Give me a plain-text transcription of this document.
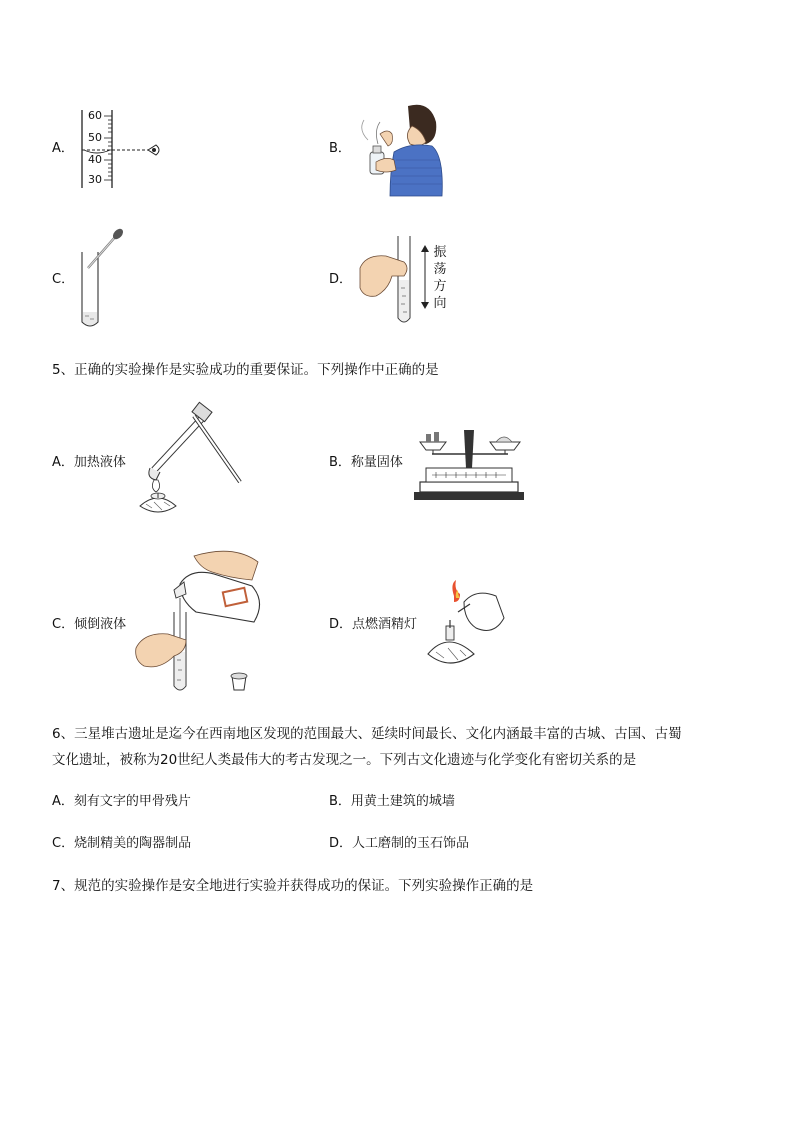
A．	B．
C．	D．
60
50
40
30
振
荡
方
向
5、正确的实验操作是实验成功的重要保证。下列操作中正确的是
A．加热液体	B．称量固体
C．倾倒液体	D．点燃酒精灯
6、三星堆古遗址是迄今在西南地区发现的范围最大、延续时间最长、文化内涵最丰富的古城、古国、古蜀
文化遗址，被称为20世纪人类最伟大的考古发现之一。下列古文化遗迹与化学变化有密切关系的是
A．刻有文字的甲骨残片	B．用黄土建筑的城墙
C．烧制精美的陶器制品	D．人工磨制的玉石饰品
7、规范的实验操作是安全地进行实验并获得成功的保证。下列实验操作正确的是
